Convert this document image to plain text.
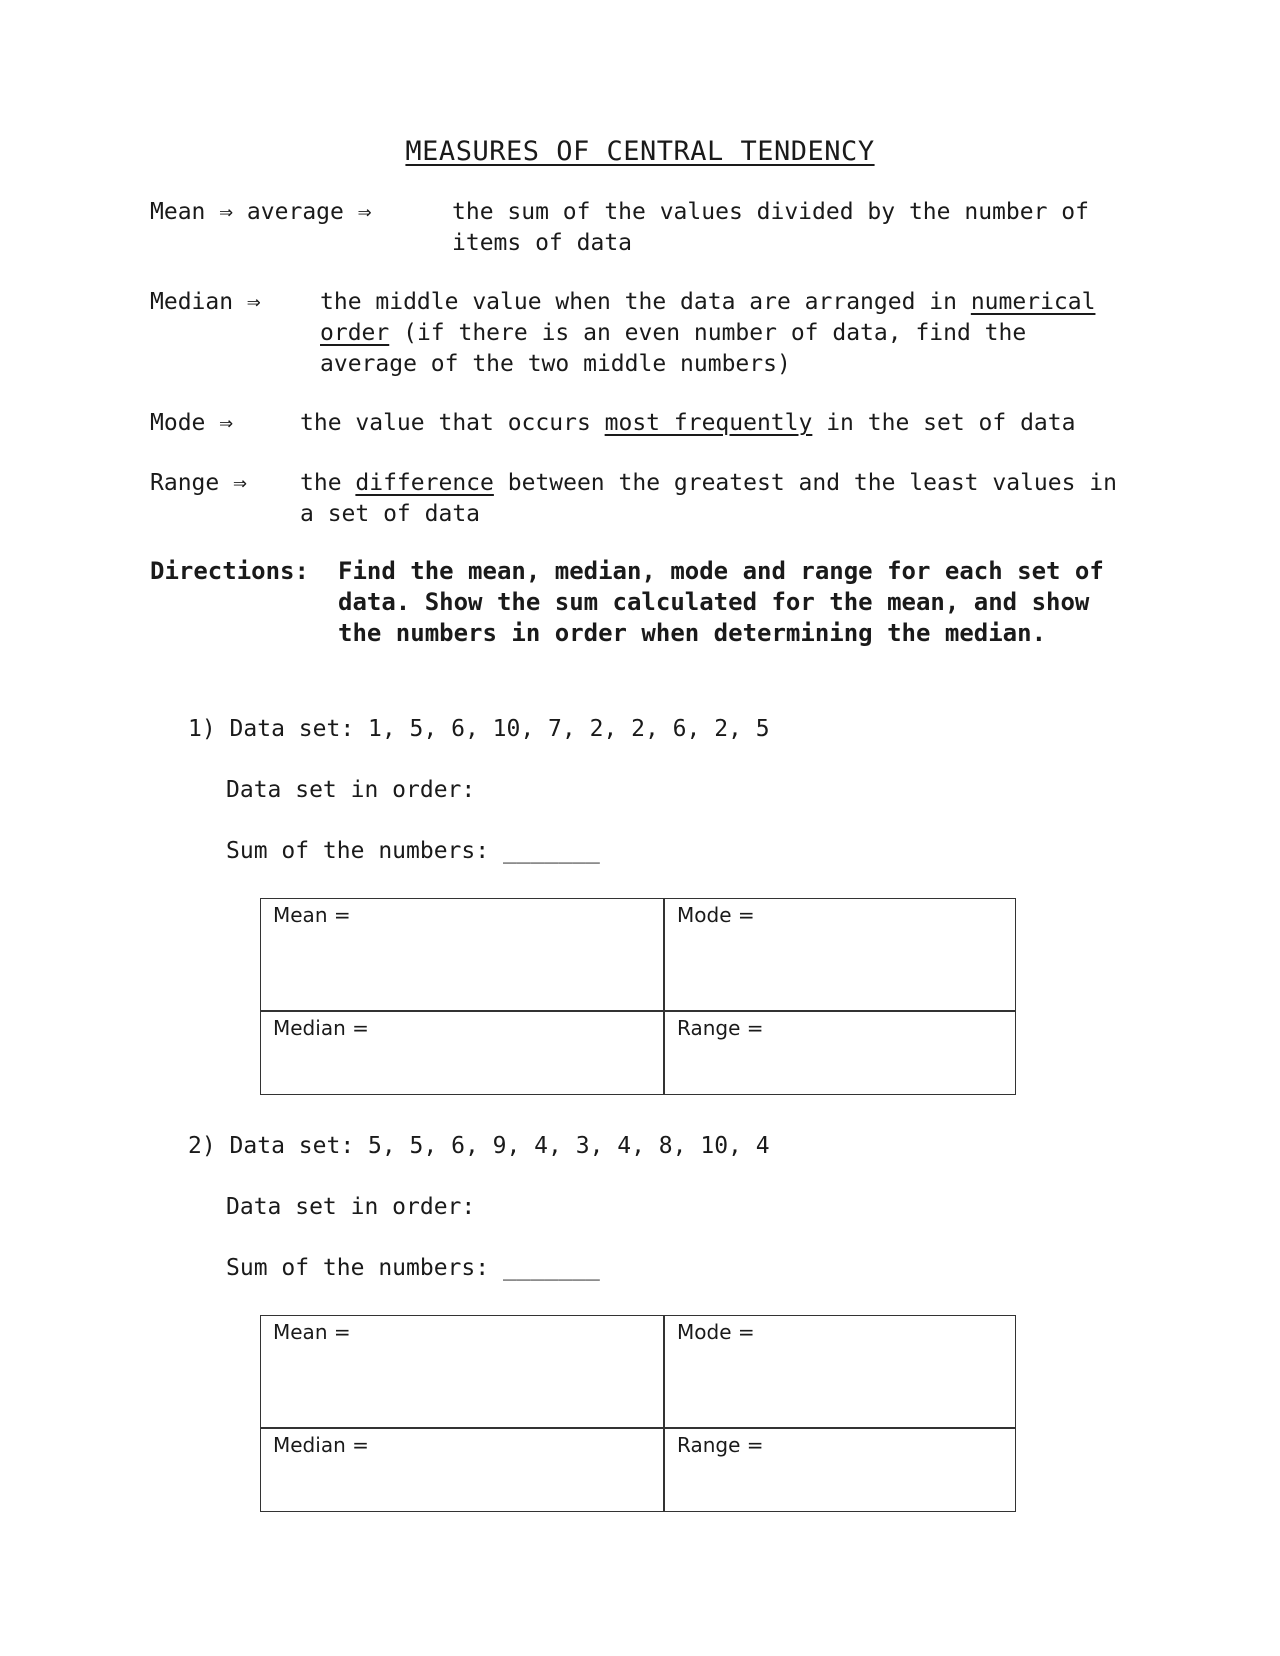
MEASURES OF CENTRAL TENDENCY
Mean ⇒ average ⇒	the sum of the values divided by the number of
items of data
Median ⇒	the middle value when the data are arranged in numerical
order (if there is an even number of data, find the
average of the two middle numbers)
Mode ⇒	the value that occurs most frequently in the set of data
Range ⇒ the difference between the greatest and the least values in
a set of data
Directions: Find the mean, median, mode and range for each set of data. Show the sum calculated for the mean, and show the numbers in order when determining the median.
1) Data set: 1, 5, 6, 10, 7, 2, 2, 6, 2, 5
Data set in order:
Sum of the numbers: _______
Mean =	Mode =
Median =	Range =
2) Data set: 5, 5, 6, 9, 4, 3, 4, 8, 10, 4
Data set in order:
Sum of the numbers: _______
Mean =	Mode =
Median =	Range =
